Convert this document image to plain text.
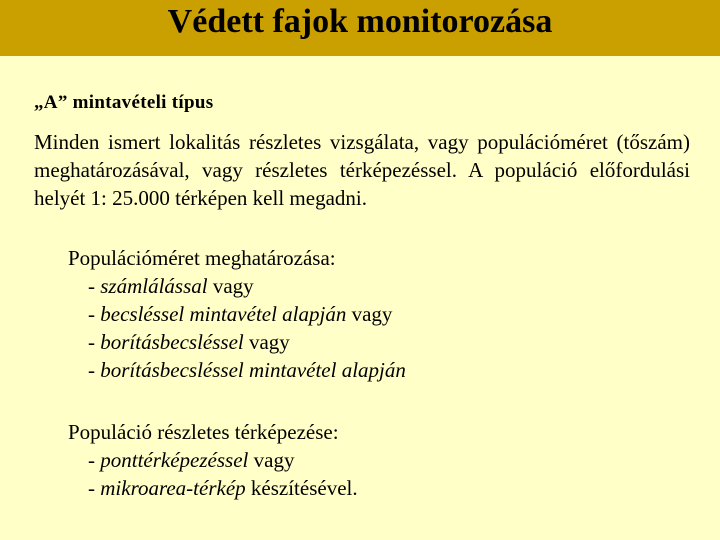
Védett fajok monitorozása
„A” mintavételi típus
Minden ismert lokalitás részletes vizsgálata, vagy populációméret (tőszám) meghatározásával, vagy részletes térképezéssel. A populáció előfordulási helyét 1: 25.000 térképen kell megadni.
Populációméret meghatározása:
- számlálással vagy
- becsléssel mintavétel alapján vagy
- borításbecsléssel vagy
- borításbecsléssel mintavétel alapján
Populáció részletes térképezése:
- ponttérképezéssel vagy
- mikroarea-térkép készítésével.
